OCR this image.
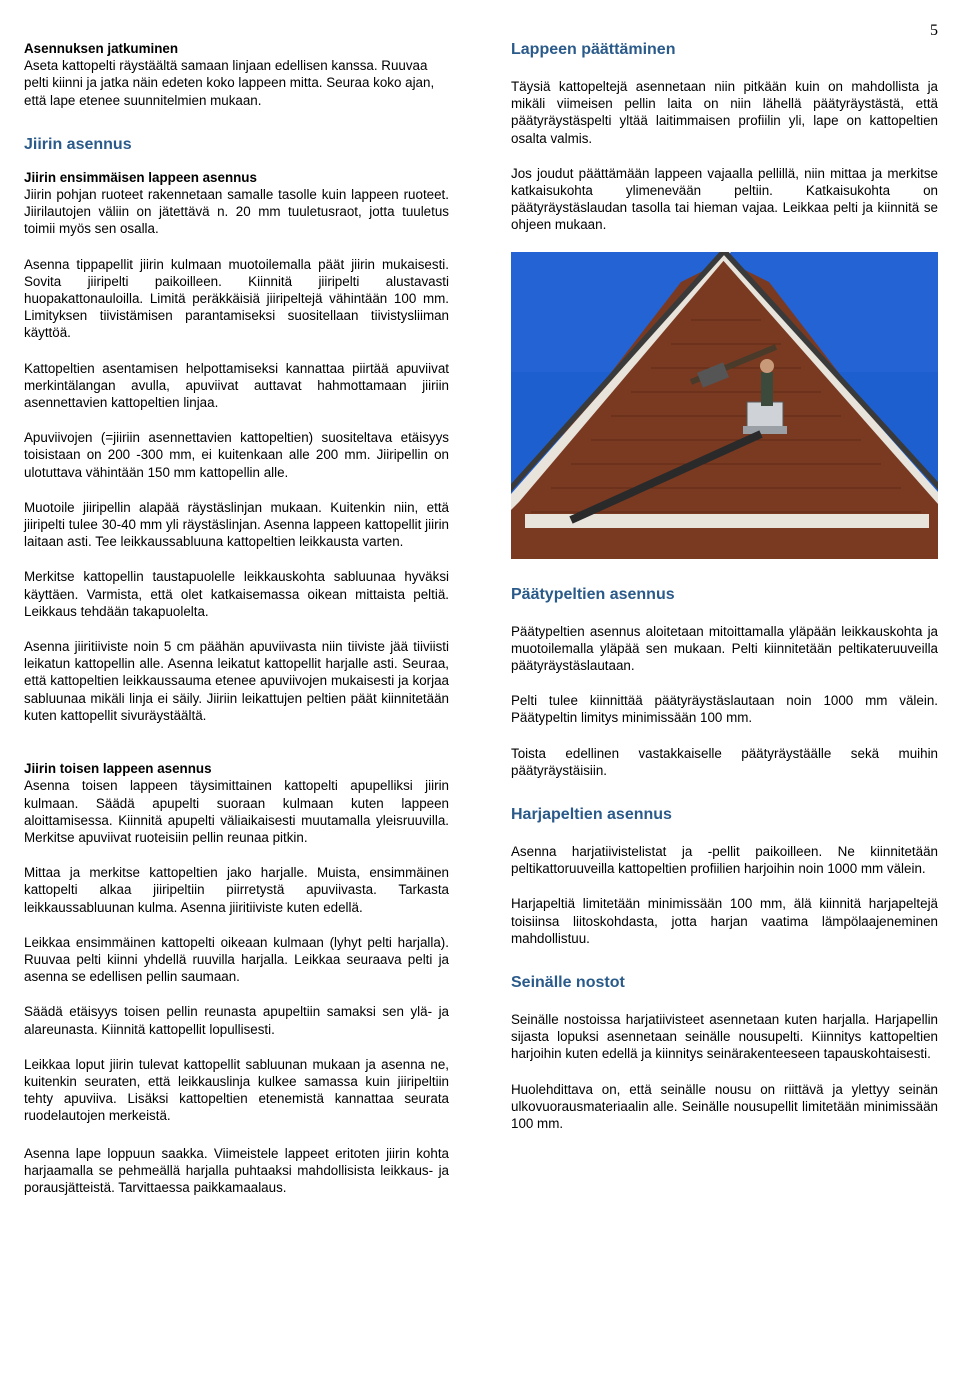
5

Asennuksen jatkuminen

Aseta kattopelti räystäältä samaan linjaan edellisen kanssa. Ruuvaa pelti kiinni ja jatka näin edeten koko lappeen mitta. Seuraa koko ajan, että lape etenee suunnitelmien mukaan.

Jiirin asennus

Jiirin ensimmäisen lappeen asennus

Jiirin pohjan ruoteet rakennetaan samalle tasolle kuin lappeen ruoteet. Jiirilautojen väliin on jätettävä n. 20 mm tuuletusraot, jotta tuuletus toimii myös sen osalla.

Asenna tippapellit jiirin kulmaan muotoilemalla päät jiirin mukaisesti. Sovita jiiripelti paikoilleen. Kiinnitä jiiripelti alustavasti huopakattonauloilla. Limitä peräkkäisiä jiiripeltejä vähintään 100 mm. Limityksen tiivistämisen parantamiseksi suositellaan tiivistysliiman käyttöä.

Kattopeltien asentamisen helpottamiseksi kannattaa piirtää apuviivat merkintälangan avulla, apuviivat auttavat hahmottamaan jiiriin asennettavien kattopeltien linjaa.

Apuviivojen (=jiiriin asennettavien kattopeltien) suositeltava etäisyys toisistaan on 200 -300 mm, ei kuitenkaan alle 200 mm. Jiiripellin on ulotuttava vähintään 150 mm kattopellin alle.

Muotoile jiiripellin alapää räystäslinjan mukaan. Kuitenkin niin, että jiiripelti tulee 30-40 mm yli räystäslinjan. Asenna lappeen kattopellit jiirin laitaan asti. Tee leikkaussabluuna kattopeltien leikkausta varten.

Merkitse kattopellin taustapuolelle leikkauskohta sabluunaa hyväksi käyttäen. Varmista, että olet katkaisemassa oikean mittaista peltiä. Leikkaus tehdään takapuolelta.

Asenna jiiritiiviste noin 5 cm päähän apuviivasta niin tiiviste jää tiiviisti leikatun kattopellin alle. Asenna leikatut kattopellit harjalle asti. Seuraa, että kattopeltien leikkaussauma etenee apuviivojen mukaisesti ja korjaa sabluunaa mikäli linja ei säily. Jiiriin leikattujen peltien päät kiinnitetään kuten kattopellit sivuräystäältä.

Jiirin toisen lappeen asennus

Asenna toisen lappeen täysimittainen kattopelti apupelliksi jiirin kulmaan. Säädä apupelti suoraan kulmaan kuten lappeen aloittamisessa. Kiinnitä apupelti väliaikaisesti muutamalla yleisruuvilla. Merkitse apuviivat ruoteisiin pellin reunaa pitkin.

Mittaa ja merkitse kattopeltien jako harjalle. Muista, ensimmäinen kattopelti alkaa jiiripeltiin piirretystä apuviivasta. Tarkasta leikkaussabluunan kulma. Asenna jiiritiiviste kuten edellä.

Leikkaa ensimmäinen kattopelti oikeaan kulmaan (lyhyt pelti harjalla). Ruuvaa pelti kiinni yhdellä ruuvilla harjalla. Leikkaa seuraava pelti ja asenna se edellisen pellin saumaan.

Säädä etäisyys toisen pellin reunasta apupeltiin samaksi sen ylä- ja alareunasta. Kiinnitä kattopellit lopullisesti.

Leikkaa loput jiirin tulevat kattopellit sabluunan mukaan ja asenna ne, kuitenkin seuraten, että leikkauslinja kulkee samassa kuin jiiripeltiin tehty apuviiva. Lisäksi kattopeltien etenemistä kannattaa seurata ruodelautojen merkeistä.

Asenna lape loppuun saakka. Viimeistele lappeet eritoten jiirin kohta harjaamalla se pehmeällä harjalla puhtaaksi mahdollisista leikkaus- ja porausjätteistä. Tarvittaessa paikkamaalaus.

Lappeen päättäminen

Täysiä kattopeltejä asennetaan niin pitkään kuin on mahdollista ja mikäli viimeisen pellin laita on niin lähellä päätyräystästä, että päätyräystäspelti yltää laitimmaisen profiilin yli, lape on kattopeltien osalta valmis.

Jos joudut päättämään lappeen vajaalla pellillä, niin mittaa ja merkitse katkaisukohta ylimenevään peltiin. Katkaisukohta on päätyräystäslaudan tasolla tai hieman vajaa. Leikkaa pelti ja kiinnitä se ohjeen mukaan.

Päätypeltien asennus

Päätypeltien asennus aloitetaan mitoittamalla yläpään leikkauskohta ja muotoilemalla yläpää sen mukaan. Pelti kiinnitetään peltikateruuveilla päätyräystäslautaan.

Pelti tulee kiinnittää päätyräystäslautaan noin 1000 mm välein. Päätypeltin limitys minimissään 100 mm.

Toista edellinen vastakkaiselle päätyräystäälle sekä muihin päätyräystäisiin.

Harjapeltien asennus

Asenna harjatiivistelistat ja -pellit paikoilleen. Ne kiinnitetään peltikattoruuveilla kattopeltien profiilien harjoihin noin 1000 mm välein.

Harjapeltiä limitetään minimissään 100 mm, älä kiinnitä harjapeltejä toisiinsa liitoskohdasta, jotta harjan vaatima lämpölaajeneminen mahdollistuu.

Seinälle nostot

Seinälle nostoissa harjatiivisteet asennetaan kuten harjalla. Harjapellin sijasta lopuksi asennetaan seinälle nousupelti. Kiinnitys kattopeltien harjoihin kuten edellä ja kiinnitys seinärakenteeseen tapauskohtaisesti.

Huolehdittava on, että seinälle nousu on riittävä ja ylettyy seinän ulkovuorausmateriaalin alle. Seinälle nousupellit limitetään minimissään 100 mm.
